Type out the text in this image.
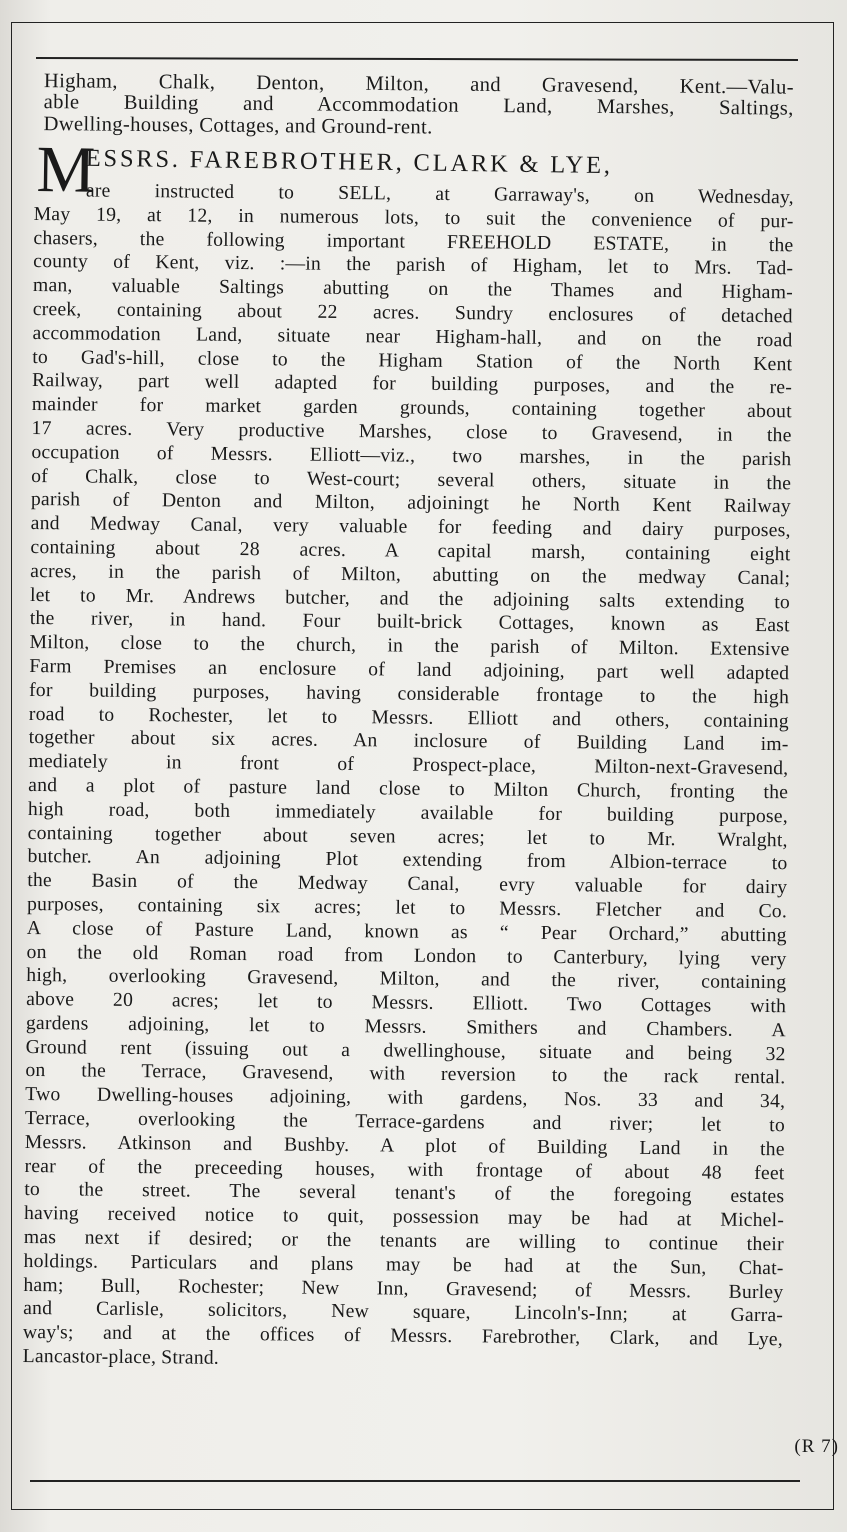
Higham, Chalk, Denton, Milton, and Gravesend, Kent.—Valu-
able Building and Accommodation Land, Marshes, Saltings,
Dwelling-houses, Cottages, and Ground-rent.

M
ESSRS. FAREBROTHER, CLARK & LYE,

are instructed to SELL, at Garraway's, on Wednesday,
May 19, at 12, in numerous lots, to suit the convenience of pur-
chasers, the following important FREEHOLD ESTATE, in the
county of Kent, viz. :—in the parish of Higham, let to Mrs. Tad-
man, valuable Saltings abutting on the Thames and Higham-
creek, containing about 22 acres. Sundry enclosures of detached
accommodation Land, situate near Higham-hall, and on the road
to Gad's-hill, close to the Higham Station of the North Kent
Railway, part well adapted for building purposes, and the re-
mainder for market garden grounds, containing together about
17 acres. Very productive Marshes, close to Gravesend, in the
occupation of Messrs. Elliott—viz., two marshes, in the parish
of Chalk, close to West-court; several others, situate in the
parish of Denton and Milton, adjoiningt he North Kent Railway
and Medway Canal, very valuable for feeding and dairy purposes,
containing about 28 acres. A capital marsh, containing eight
acres, in the parish of Milton, abutting on the medway Canal;
let to Mr. Andrews butcher, and the adjoining salts extending to
the river, in hand. Four built-brick Cottages, known as East
Milton, close to the church, in the parish of Milton. Extensive
Farm Premises an enclosure of land adjoining, part well adapted
for building purposes, having considerable frontage to the high
road to Rochester, let to Messrs. Elliott and others, containing
together about six acres. An inclosure of Building Land im-
mediately in front of Prospect-place, Milton-next-Gravesend,
and a plot of pasture land close to Milton Church, fronting the
high road, both immediately available for building purpose,
containing together about seven acres; let to Mr. Wralght,
butcher. An adjoining Plot extending from Albion-terrace to
the Basin of the Medway Canal, evry valuable for dairy
purposes, containing six acres; let to Messrs. Fletcher and Co.
A close of Pasture Land, known as “ Pear Orchard,” abutting
on the old Roman road from London to Canterbury, lying very
high, overlooking Gravesend, Milton, and the river, containing
above 20 acres; let to Messrs. Elliott. Two Cottages with
gardens adjoining, let to Messrs. Smithers and Chambers. A
Ground rent (issuing out a dwellinghouse, situate and being 32
on the Terrace, Gravesend, with reversion to the rack rental.
Two Dwelling-houses adjoining, with gardens, Nos. 33 and 34,
Terrace, overlooking the Terrace-gardens and river; let to
Messrs. Atkinson and Bushby. A plot of Building Land in the
rear of the preceeding houses, with frontage of about 48 feet
to the street. The several tenant's of the foregoing estates
having received notice to quit, possession may be had at Michel-
mas next if desired; or the tenants are willing to continue their
holdings. Particulars and plans may be had at the Sun, Chat-
ham; Bull, Rochester; New Inn, Gravesend; of Messrs. Burley
and Carlisle, solicitors, New square, Lincoln's-Inn; at Garra-
way's; and at the offices of Messrs. Farebrother, Clark, and Lye,
Lancastor-place, Strand.

(R 7)
